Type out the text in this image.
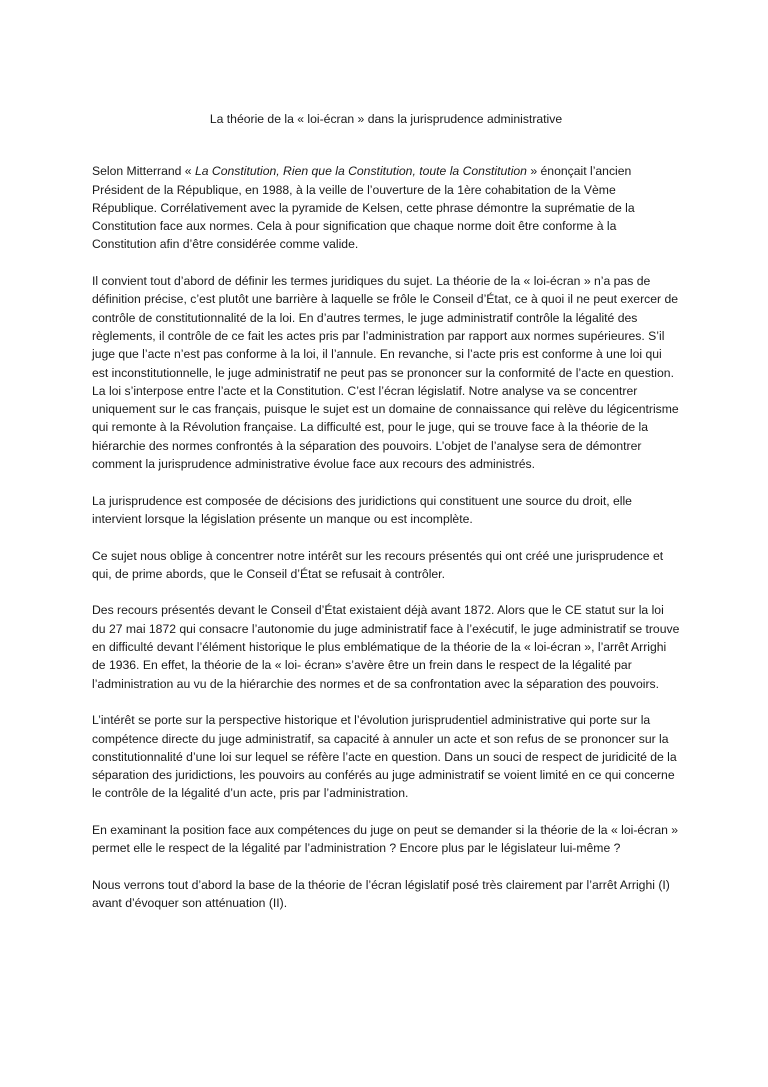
La théorie de la « loi-écran » dans la jurisprudence administrative

Selon Mitterrand « La Constitution, Rien que la Constitution, toute la Constitution » énonçait l’ancien Président de la République, en 1988, à la veille de l’ouverture de la 1ère cohabitation de la Vème République. Corrélativement avec la pyramide de Kelsen, cette phrase démontre la suprématie de la Constitution face aux normes. Cela à pour signification que chaque norme doit être conforme à la Constitution afin d’être considérée comme valide.

Il convient tout d’abord de définir les termes juridiques du sujet. La théorie de la « loi-écran » n’a pas de définition précise, c’est plutôt une barrière à laquelle se frôle le Conseil d’État, ce à quoi il ne peut exercer de contrôle de constitutionnalité de la loi. En d’autres termes, le juge administratif contrôle la légalité des règlements, il contrôle de ce fait les actes pris par l’administration par rapport aux normes supérieures. S’il juge que l’acte n’est pas conforme à la loi, il l’annule. En revanche, si l’acte pris est conforme à une loi qui est inconstitutionnelle, le juge administratif ne peut pas se prononcer sur la conformité de l’acte en question. La loi s’interpose entre l’acte et la Constitution. C’est l’écran législatif. Notre analyse va se concentrer uniquement sur le cas français, puisque le sujet est un domaine de connaissance qui relève du légicentrisme qui remonte à la Révolution française. La difficulté est, pour le juge, qui se trouve face à la théorie de la hiérarchie des normes confrontés à la séparation des pouvoirs. L’objet de l’analyse sera de démontrer comment la jurisprudence administrative évolue face aux recours des administrés.

La jurisprudence est composée de décisions des juridictions qui constituent une source du droit, elle intervient lorsque la législation présente un manque ou est incomplète.

Ce sujet nous oblige à concentrer notre intérêt sur les recours présentés qui ont créé une jurisprudence et qui, de prime abords, que le Conseil d’État se refusait à contrôler.

Des recours présentés devant le Conseil d’État existaient déjà avant 1872. Alors que le CE statut sur la loi du 27 mai 1872 qui consacre l’autonomie du juge administratif face à l’exécutif, le juge administratif se trouve en difficulté devant l’élément historique le plus emblématique de la théorie de la « loi-écran », l’arrêt Arrighi de 1936. En effet, la théorie de la « loi- écran» s’avère être un frein dans le respect de la légalité par l’administration au vu de la hiérarchie des normes et de sa confrontation avec la séparation des pouvoirs.

L’intérêt se porte sur la perspective historique et l’évolution jurisprudentiel administrative qui porte sur la compétence directe du juge administratif, sa capacité à annuler un acte et son refus de se prononcer sur la constitutionnalité d’une loi sur lequel se réfère l’acte en question. Dans un souci de respect de juridicité de la séparation des juridictions, les pouvoirs au conférés au juge administratif se voient limité en ce qui concerne le contrôle de la légalité d’un acte, pris par l’administration.

En examinant la position face aux compétences du juge on peut se demander si la théorie de la « loi-écran » permet elle le respect de la légalité par l’administration ? Encore plus par le législateur lui-même ?

Nous verrons tout d’abord la base de la théorie de l’écran législatif posé très clairement par l’arrêt Arrighi (I) avant d’évoquer son atténuation (II).
